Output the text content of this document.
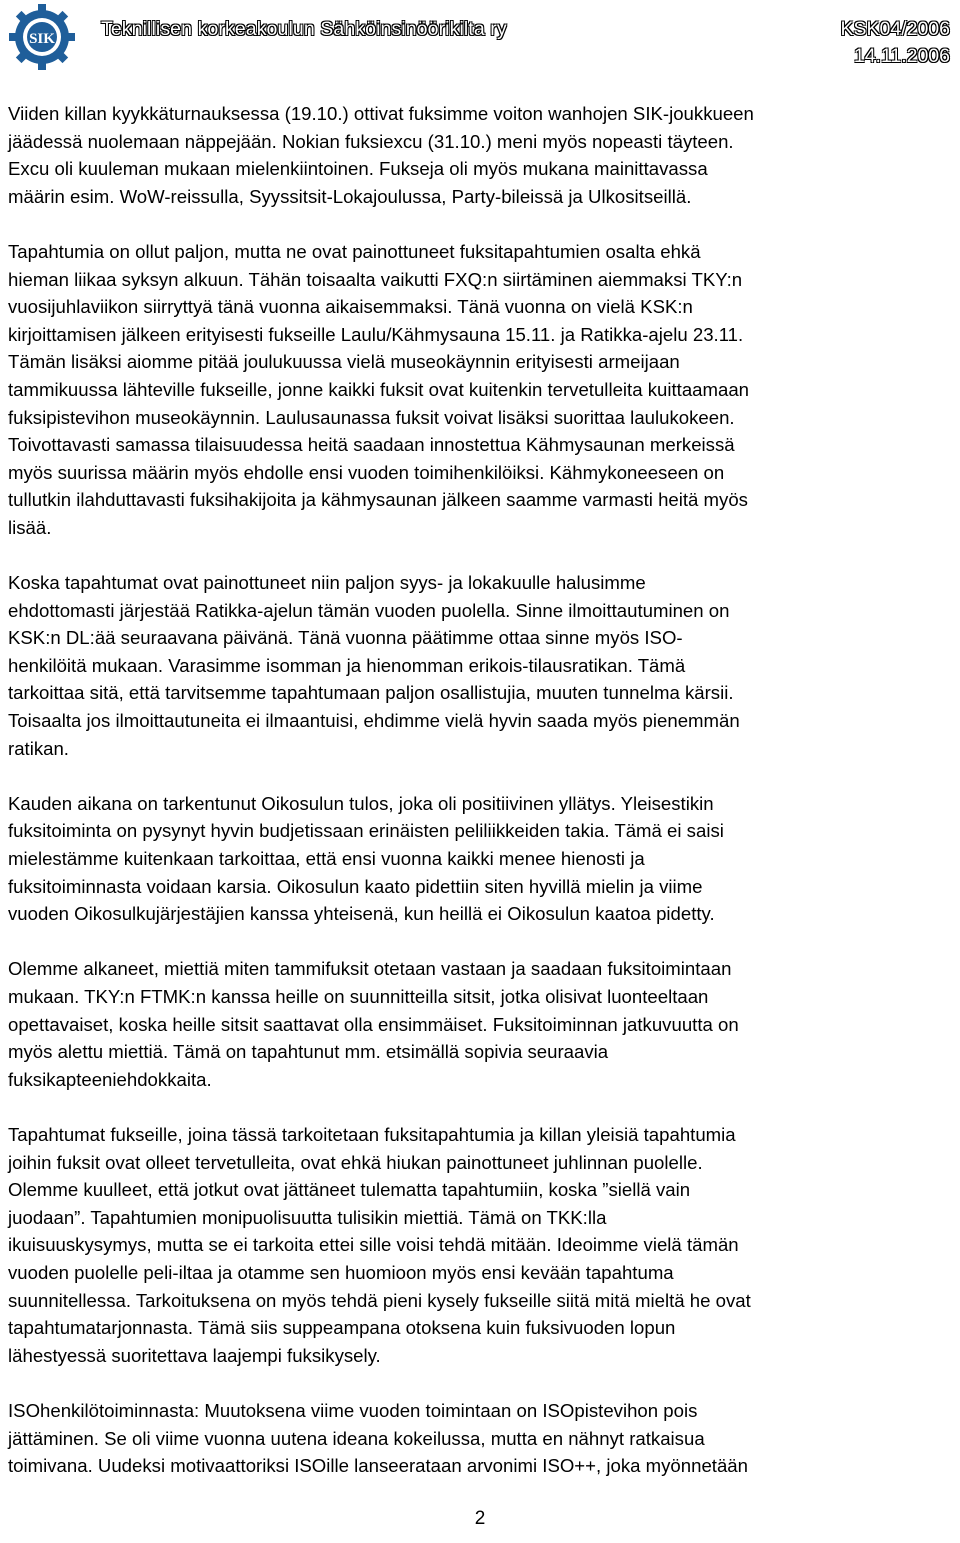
SIK Teknillisen korkeakoulun Sähköinsinöörikilta ry	KSK04/2006
14.11.2006

Viiden killan kyykkäturnauksessa (19.10.) ottivat fuksimme voiton wanhojen SIK-joukkueen
jäädessä nuolemaan näppejään. Nokian fuksiexcu (31.10.) meni myös nopeasti täyteen.
Excu oli kuuleman mukaan mielenkiintoinen. Fukseja oli myös mukana mainittavassa
määrin esim. WoW-reissulla, Syyssitsit-Lokajoulussa, Party-bileissä ja Ulkositseillä.

Tapahtumia on ollut paljon, mutta ne ovat painottuneet fuksitapahtumien osalta ehkä
hieman liikaa syksyn alkuun. Tähän toisaalta vaikutti FXQ:n siirtäminen aiemmaksi TKY:n
vuosijuhlaviikon siirryttyä tänä vuonna aikaisemmaksi. Tänä vuonna on vielä KSK:n
kirjoittamisen jälkeen erityisesti fukseille Laulu/Kähmysauna 15.11. ja Ratikka-ajelu 23.11.
Tämän lisäksi aiomme pitää joulukuussa vielä museokäynnin erityisesti armeijaan
tammikuussa lähteville fukseille, jonne kaikki fuksit ovat kuitenkin tervetulleita kuittaamaan
fuksipistevihon museokäynnin. Laulusaunassa fuksit voivat lisäksi suorittaa laulukokeen.
Toivottavasti samassa tilaisuudessa heitä saadaan innostettua Kähmysaunan merkeissä
myös suurissa määrin myös ehdolle ensi vuoden toimihenkilöiksi. Kähmykoneeseen on
tullutkin ilahduttavasti fuksihakijoita ja kähmysaunan jälkeen saamme varmasti heitä myös
lisää.

Koska tapahtumat ovat painottuneet niin paljon syys- ja lokakuulle halusimme
ehdottomasti järjestää Ratikka-ajelun tämän vuoden puolella. Sinne ilmoittautuminen on
KSK:n DL:ää seuraavana päivänä. Tänä vuonna päätimme ottaa sinne myös ISO-
henkilöitä mukaan. Varasimme isomman ja hienomman erikois-tilausratikan. Tämä
tarkoittaa sitä, että tarvitsemme tapahtumaan paljon osallistujia, muuten tunnelma kärsii.
Toisaalta jos ilmoittautuneita ei ilmaantuisi, ehdimme vielä hyvin saada myös pienemmän
ratikan.

Kauden aikana on tarkentunut Oikosulun tulos, joka oli positiivinen yllätys. Yleisestikin
fuksitoiminta on pysynyt hyvin budjetissaan erinäisten peliliikkeiden takia. Tämä ei saisi
mielestämme kuitenkaan tarkoittaa, että ensi vuonna kaikki menee hienosti ja
fuksitoiminnasta voidaan karsia. Oikosulun kaato pidettiin siten hyvillä mielin ja viime
vuoden Oikosulkujärjestäjien kanssa yhteisenä, kun heillä ei Oikosulun kaatoa pidetty.

Olemme alkaneet, miettiä miten tammifuksit otetaan vastaan ja saadaan fuksitoimintaan
mukaan. TKY:n FTMK:n kanssa heille on suunnitteilla sitsit, jotka olisivat luonteeltaan
opettavaiset, koska heille sitsit saattavat olla ensimmäiset. Fuksitoiminnan jatkuvuutta on
myös alettu miettiä. Tämä on tapahtunut mm. etsimällä sopivia seuraavia
fuksikapteeniehdokkaita.

Tapahtumat fukseille, joina tässä tarkoitetaan fuksitapahtumia ja killan yleisiä tapahtumia
joihin fuksit ovat olleet tervetulleita, ovat ehkä hiukan painottuneet juhlinnan puolelle.
Olemme kuulleet, että jotkut ovat jättäneet tulematta tapahtumiin, koska ”siellä vain
juodaan”. Tapahtumien monipuolisuutta tulisikin miettiä. Tämä on TKK:lla
ikuisuuskysymys, mutta se ei tarkoita ettei sille voisi tehdä mitään. Ideoimme vielä tämän
vuoden puolelle peli-iltaa ja otamme sen huomioon myös ensi kevään tapahtuma
suunnitellessa. Tarkoituksena on myös tehdä pieni kysely fukseille siitä mitä mieltä he ovat
tapahtumatarjonnasta. Tämä siis suppeampana otoksena kuin fuksivuoden lopun
lähestyessä suoritettava laajempi fuksikysely.

ISOhenkilötoiminnasta: Muutoksena viime vuoden toimintaan on ISOpistevihon pois
jättäminen. Se oli viime vuonna uutena ideana kokeilussa, mutta en nähnyt ratkaisua
toimivana. Uudeksi motivaattoriksi ISOille lanseerataan arvonimi ISO++, joka myönnetään

2
